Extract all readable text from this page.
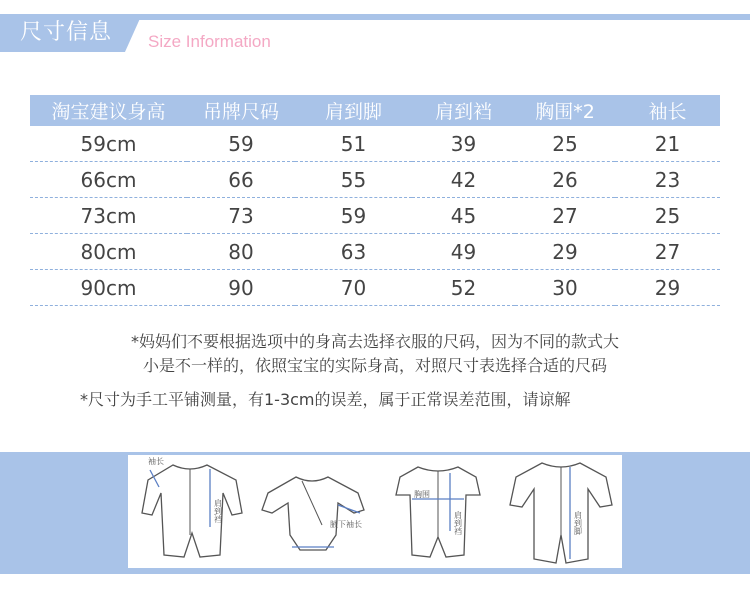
尺寸信息 Size Information
淘宝建议身高	吊牌尺码	肩到脚	肩到裆	胸围*2	袖长
59cm	59	51	39	25	21
66cm	66	55	42	26	23
73cm	73	59	45	27	25
80cm	80	63	49	29	27
90cm	90	70	52	30	29

*妈妈们不要根据选项中的身高去选择衣服的尺码，因为不同的款式大

小是不一样的，依照宝宝的实际身高，对照尺寸表选择合适的尺码

*尺寸为手工平铺测量，有1-3cm的误差，属于正常误差范围，请谅解

袖长
肩到裆
腋下袖长
胸围
肩到裆	肩到脚
